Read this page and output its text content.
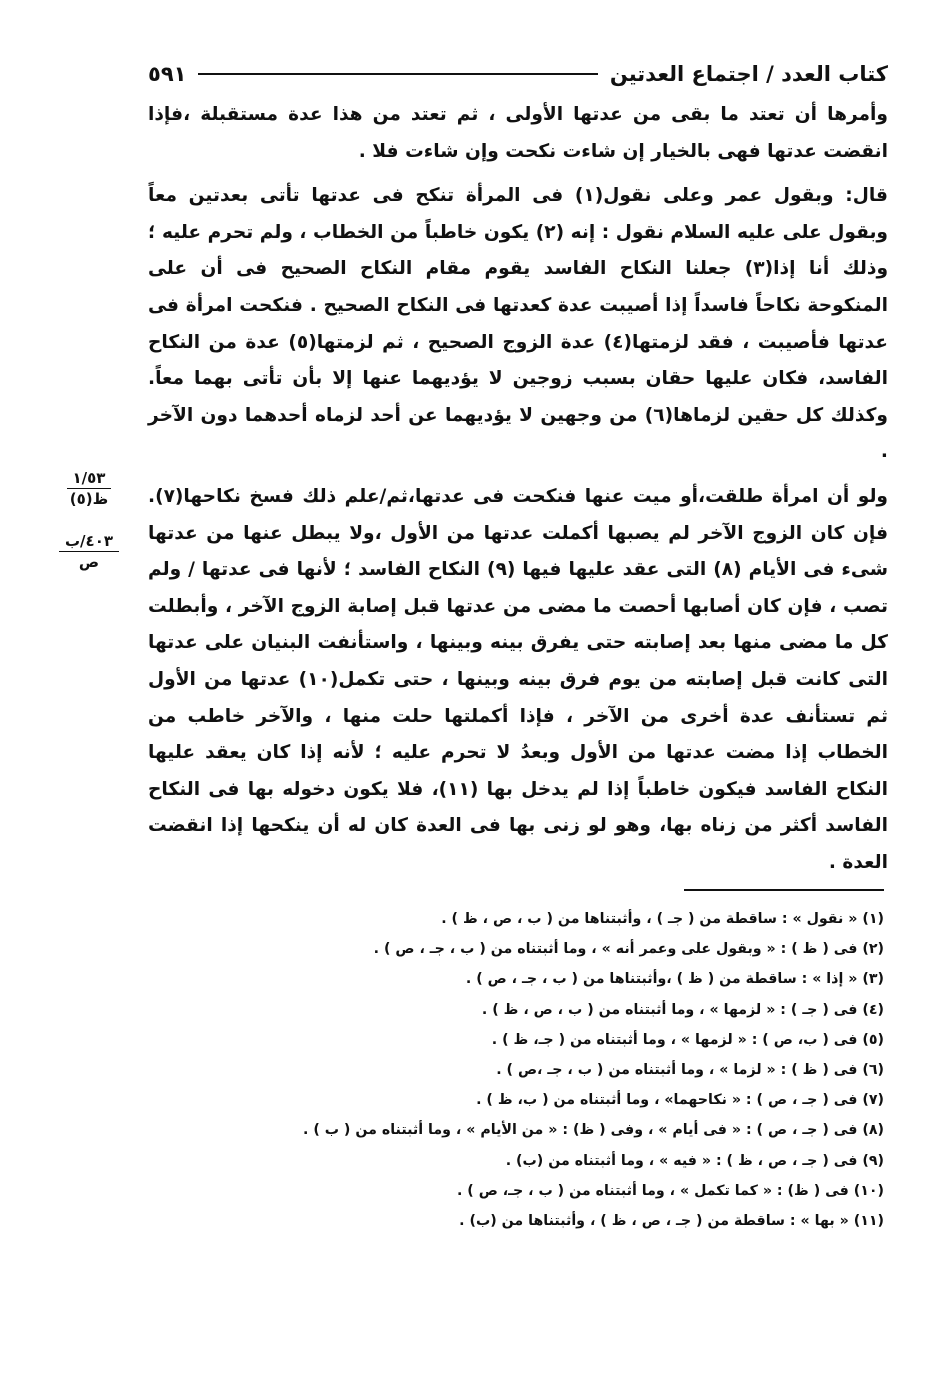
كتاب العدد / اجتماع العدتين
٥٩١

وأمرها أن تعتد ما بقى من عدتها الأولى ، ثم تعتد من هذا عدة مستقبلة ،فإذا انقضت عدتها فهى بالخيار إن شاءت نكحت وإن شاءت فلا .

قال: وبقول عمر وعلى نقول(١) فى المرأة تنكح فى عدتها تأتى بعدتين معاً وبقول على عليه السلام نقول : إنه (٢) يكون خاطباً من الخطاب ، ولم تحرم عليه ؛ وذلك أنا إذا(٣) جعلنا النكاح الفاسد يقوم مقام النكاح الصحيح فى أن على المنكوحة نكاحاً فاسداً إذا أصيبت عدة كعدتها فى النكاح الصحيح . فنكحت امرأة فى عدتها فأصيبت ، فقد لزمتها(٤) عدة الزوج الصحيح ، ثم لزمتها(٥) عدة من النكاح الفاسد، فكان عليها حقان بسبب زوجين لا يؤديهما عنها إلا بأن تأتى بهما معاً. وكذلك كل حقين لزماها(٦) من وجهين لا يؤديهما عن أحد لزماه أحدهما دون الآخر .

ولو أن امرأة طلقت،أو ميت عنها فنكحت فى عدتها،ثم/علم ذلك فسخ نكاحها(٧). فإن كان الزوج الآخر لم يصبها أكملت عدتها من الأول ،ولا يبطل عنها من عدتها شىء فى الأيام (٨) التى عقد عليها فيها (٩) النكاح الفاسد ؛ لأنها فى عدتها / ولم تصب ، فإن كان أصابها أحصت ما مضى من عدتها قبل إصابة الزوج الآخر ، وأبطلت كل ما مضى منها بعد إصابته حتى يفرق بينه وبينها ، واستأنفت البنيان على عدتها التى كانت قبل إصابته من يوم فرق بينه وبينها ، حتى تكمل(١٠) عدتها من الأول ثم تستأنف عدة أخرى من الآخر ، فإذا أكملتها حلت منها ، والآخر خاطب من الخطاب إذا مضت عدتها من الأول وبعدُ لا تحرم عليه ؛ لأنه إذا كان يعقد عليها النكاح الفاسد فيكون خاطباً إذا لم يدخل بها (١١)، فلا يكون دخوله بها فى النكاح الفاسد أكثر من زناه بها، وهو لو زنى بها فى العدة كان له أن ينكحها إذا انقضت العدة .

١/٥٣
ظ(٥)
٤٠٣/ب
ص

(١) « نقول » : ساقطة من ( جـ ) ، وأثبتناها من ( ب ، ص ، ظ ) .

(٢) فى ( ظ ) : « وبقول على وعمر أنه » ، وما أثبتناه من ( ب ، جـ ، ص ) .

(٣) « إذا » : ساقطة من ( ظ ) ،وأثبتناها من ( ب ، جـ ، ص ) .

(٤) فى ( جـ ) : « لزمها » ، وما أثبتناه من ( ب ، ص ، ظ ) .

(٥) فى ( ب، ص ) : « لزمها » ، وما أثبتناه من ( جـ، ظ ) .

(٦) فى ( ظ ) : « لزما » ، وما أثبتناه من ( ب ، جـ ،ص ) .

(٧) فى ( جـ ، ص ) : « نكاحهما» ، وما أثبتناه من ( ب، ظ ) .

(٨) فى ( جـ ، ص ) : « فى أيام » ، وفى ( ظ) : « من الأيام » ، وما أثبتناه من ( ب ) .

(٩) فى ( جـ ، ص ، ظ ) : « فيه » ، وما أثبتناه من (ب) .

(١٠) فى ( ظ) : « كما تكمل » ، وما أثبتناه من ( ب ، جـ، ص ) .

(١١) « بها » : ساقطة من ( جـ ، ص ، ظ ) ، وأثبتناها من (ب) .
